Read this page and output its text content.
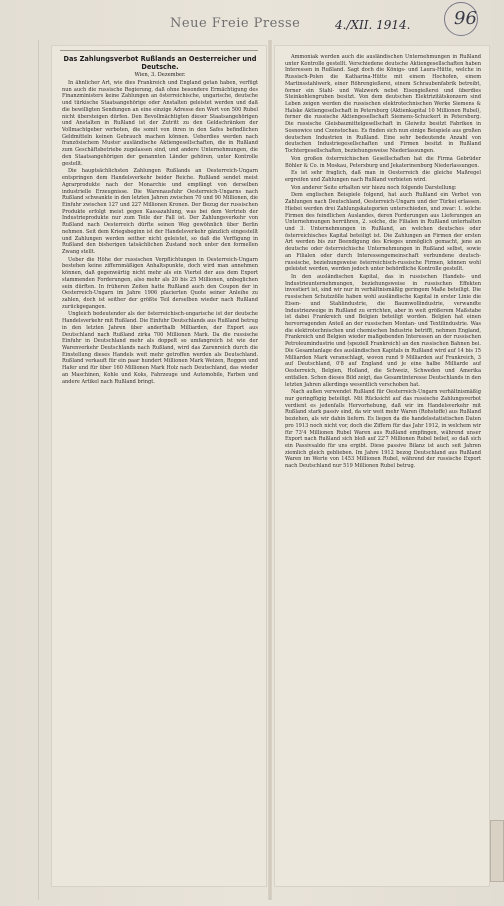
Neue Freie Presse	4./XII. 1914. 96
Das Zahlungsverbot Rußlands an Oesterreicher und Deutsche.
Wien, 3. Dezember.

In ähnlicher Art, wie dies Frankreich und England getan haben, verfügt nun auch die russische Regierung, daß ohne besondere Ermächtigung des Finanzministers keine Zahlungen an österreichische, ungarische, deutsche und türkische Staatsangehörige oder Anstalten geleistet werden und daß die bewilligten Sendungen an eine einzige Adresse den Wert von 500 Rubel nicht übersteigen dürfen. Den Bevollmächtigten dieser Staatsangehörigen und Anstalten in Rußland ist der Zutritt zu den Geldschränken der Vollmachtgeber verboten, die somit von ihren in den Safes befindlichen Geldmitteln keinen Gebrauch machen können. Ueberdies werden nach französischem Muster ausländische Aktiengesellschaften, die in Rußland zum Geschäftsbetriebe zugelassen sind, und andere Unternehmungen, die den Staatsangehörigen der genannten Länder gehören, unter Kontrolle gestellt.

Die hauptsächlichsten Zahlungen Rußlands an Oesterreich-Ungarn entspringen dem Handelsverkehr beider Reiche. Rußland sendet meist Agrarprodukte nach der Monarchie und empfängt von derselben industrielle Erzeugnisse. Die Warenausfuhr Oesterreich-Ungarns nach Rußland schwankte in den letzten Jahren zwischen 70 und 90 Millionen, die Einfuhr zwischen 127 und 227 Millionen Kronen. Der Bezug der russischen Produkte erfolgt meist gegen Kassazahlung, was bei dem Vertrieb der Industrieprodukte nur zum Teile der Fall ist. Der Zahlungsverkehr von Rußland nach Oesterreich dürfte seinen Weg gewöhnlich über Berlin nehmen. Seit dem Kriegsbeginn ist der Handelsverkehr gänzlich eingestellt und Zahlungen werden seither nicht geleistet, so daß die Verfügung in Rußland den bisherigen tatsächlichen Zustand noch unter den formellen Zwang stellt.

Ueber die Höhe der russischen Verpflichtungen in Oesterreich-Ungarn bestehen keine ziffernmäßigen Anhaltspunkte, doch wird man annehmen können, daß gegenwärtig nicht mehr als ein Viertel der aus dem Export stammenden Forderungen, also mehr als 20 bis 25 Millionen, unbeglichen sein dürften. In früheren Zeiten hatte Rußland auch den Coupon der in Oesterreich-Ungarn im Jahre 1906 placierten Quote seiner Anleihe zu zahlen, doch ist seither der größte Teil derselben wieder nach Rußland zurückgegangen.

Ungleich bedeutender als der österreichisch-ungarische ist der deutsche Handelsverkehr mit Rußland. Die Einfuhr Deutschlands aus Rußland betrug in den letzten Jahren über anderthalb Milliarden, der Export aus Deutschland nach Rußland zirka 700 Millionen Mark. Da die russische Einfuhr in Deutschland mehr als doppelt so umfangreich ist wie der Warenverkehr Deutschlands nach Rußland, wird das Zarenreich durch die Einstellung dieses Handels weit mehr getroffen werden als Deutschland. Rußland verkauft für ein paar hundert Millionen Mark Weizen, Roggen und Hafer und für über 160 Millionen Mark Holz nach Deutschland, das wieder an Maschinen, Kohle und Koks, Fahrzeuge und Automobile, Farben und andere Artikel nach Rußland bringt.

Ammoniak werden auch die ausländischen Unternehmungen in Rußland unter Kontrolle gestellt. Verschiedene deutsche Aktiengesellschaften haben Interessen in Rußland. Sagt doch die Königs- und Laura-Hütte, welche in Russisch-Polen die Katharina-Hütte mit einem Hochofen, einem Martinsstahlwerk, einer Röhrengießerei, einem Schraubenfabrik betreibt, ferner ein Stahl- und Walzwerk nebst Eisengießerei und überdies Steinkohlengruben besitzt. Von dem deutschen Elektrizitätskonzern sind Leben zeigen werden die russischen elektrotechnischen Werke Siemens & Halske Aktiengesellschaft in Petersburg (Aktienkapital 10 Millionen Rubel), ferner die russische Aktiengesellschaft Siemens-Schuckert in Petersburg. Die russische Gleisbaumittelgesellschaft in Gleiwitz besitzt Fabriken in Sosnowice und Czenstochau. Es finden sich nun einige Beispiele aus großen deutschen Industrien in Rußland. Eine sehr bedeutende Anzahl von deutschen Industriegesellschaften und Firmen besitzt in Rußland Tochtergesellschaften, beziehungsweise Niederlassungen.

Von großen österreichischen Gesellschaften hat die Firma Gebrüder Böhler & Co. in Moskau, Petersburg und Jekaterinenburg Niederlassungen.

Es ist sehr fraglich, daß man in Oesterreich die gleiche Maßregel ergreifen und Zahlungen nach Rußland verbieten wird.

Von anderer Seite erhalten wir hiezu noch folgende Darstellung:

Dem englischen Beispiele folgend, hat auch Rußland ein Verbot von Zahlungen nach Deutschland, Oesterreich-Ungarn und der Türkei erlassen. Hiebei werden drei Zahlungskategorien unterschieden, und zwar: 1. solche Firmen des feindlichen Auslandes, deren Forderungen aus Lieferungen an Unternehmungen herrühren, 2. solche, die Filialen in Rußland unterhalten und 3. Unternehmungen in Rußland, an welchen deutsches oder österreichisches Kapital beteiligt ist. Die Zahlungen an Firmen der ersten Art werden bis zur Beendigung des Krieges unmöglich gemacht, jene an deutsche oder österreichische Unternehmungen in Rußland selbst, sowie an Filialen oder durch Interessengemeinschaft verbundene deutsch-russische, beziehungsweise österreichisch-russische Firmen, können wohl geleistet werden, werden jedoch unter behördliche Kontrolle gestellt.

In den ausländischen Kapital, das in russischen Handels- und Industrieunternehmungen, beziehungsweise in russischen Effekten investiert ist, sind wir nur in verhältnismäßig geringem Maße beteiligt. Die russischen Schutzzölle haben wohl ausländische Kapital in erster Linie die Eisen- und Stahlindustrie, die Baumwollindustrie, verwandte Industriezweige in Rußland zu errichten, aber in weit größerem Maßstabe ist dabei Frankreich und Belgien beteiligt worden. Belgien hat einen hervorragenden Anteil an der russischen Montan- und Textilindustrie. Was die elektrotechnischen und chemischen Industrie betrifft, nehmen England, Frankreich und Belgien wieder maßgebenden Interessen an der russischen Petroleumindustrie und (speziell Frankreich) an den russischen Bahnen bei. Die Gesamtanlage des ausländischen Kapitals in Rußland wird auf 14 bis 15 Milliarden Mark veranschlagt, wovon rund 9 Milliarden auf Frankreich, 3 auf Deutschland, 0'8 auf England und je eine halbe Milliarde auf Oesterreich, Belgien, Holland, die Schweiz, Schweden und Amerika entfallen. Schon dieses Bild zeigt, das Gesamtinteresse Deutschlands in den letzten Jahren allerdings wesentlich verschoben hat.

Nach außen verwendet Rußland für Oesterreich-Ungarn verhältnismäßig nur geringfügig beteiligt. Mit Rücksicht auf das russische Zahlungsverbot verdient es jedenfalls Hervorhebung, daß wir im Handelsverkehr mit Rußland stark passiv sind, da wir weit mehr Waren (Rohstoffe) aus Rußland beziehen, als wir dahin liefern. Es liegen da die handelsstatistischen Daten pro 1913 noch nicht vor, doch die Ziffern für das Jahr 1912, in welchem wir für 73'4 Millionen Rubel Waren aus Rußland empfingen, während unser Export nach Rußland sich bloß auf 22'7 Millionen Rubel belief, so daß sich ein Passivsaldo für uns ergibt. Diese passive Bilanz ist auch seit Jahren ziemlich gleich geblieben. Im Jahre 1912 bezog Deutschland aus Rußland Waren im Werte von 1453 Millionen Rubel, während der russische Export nach Deutschland nur 519 Millionen Rubel betrug.
